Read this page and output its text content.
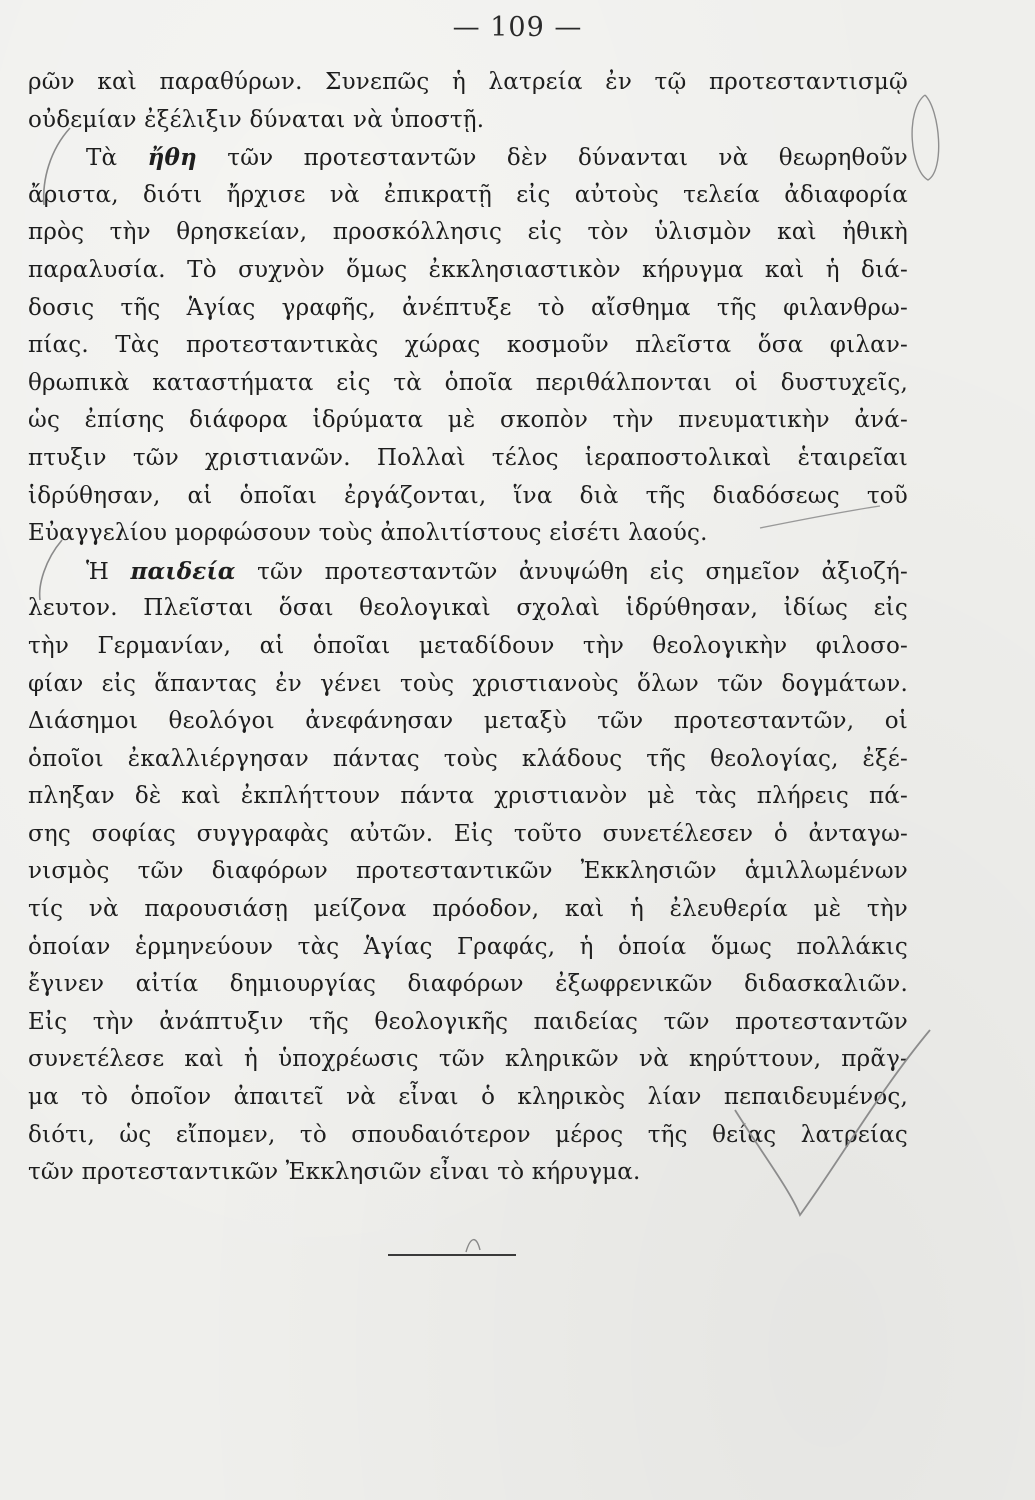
— 109 —
ρῶν καὶ παραθύρων. Συνεπῶς ἡ λατρεία ἐν τῷ προτεσταντισμῷ
οὐδεμίαν ἐξέλιξιν δύναται νὰ ὑποστῇ.
Τὰ ἤθη τῶν προτεσταντῶν δὲν δύνανται νὰ θεωρηθοῦν
ἄριστα, διότι ἤρχισε νὰ ἐπικρατῇ εἰς αὐτοὺς τελεία ἀδιαφορία
πρὸς τὴν θρησκείαν, προσκόλλησις εἰς τὸν ὑλισμὸν καὶ ἠθικὴ
παραλυσία. Τὸ συχνὸν ὅμως ἐκκλησιαστικὸν κήρυγμα καὶ ἡ διά-
δοσις τῆς Ἁγίας γραφῆς, ἀνέπτυξε τὸ αἴσθημα τῆς φιλανθρω-
πίας. Τὰς προτεσταντικὰς χώρας κοσμοῦν πλεῖστα ὅσα φιλαν-
θρωπικὰ καταστήματα εἰς τὰ ὁποῖα περιθάλπονται οἱ δυστυχεῖς,
ὡς ἐπίσης διάφορα ἱδρύματα μὲ σκοπὸν τὴν πνευματικὴν ἀνά-
πτυξιν τῶν χριστιανῶν. Πολλαὶ τέλος ἱεραποστολικαὶ ἑταιρεῖαι
ἱδρύθησαν, αἱ ὁποῖαι ἐργάζονται, ἵνα διὰ τῆς διαδόσεως τοῦ
Εὐαγγελίου μορφώσουν τοὺς ἀπολιτίστους εἰσέτι λαούς.
Ἡ παιδεία τῶν προτεσταντῶν ἀνυψώθη εἰς σημεῖον ἀξιοζή-
λευτον. Πλεῖσται ὅσαι θεολογικαὶ σχολαὶ ἱδρύθησαν, ἰδίως εἰς
τὴν Γερμανίαν, αἱ ὁποῖαι μεταδίδουν τὴν θεολογικὴν φιλοσο-
φίαν εἰς ἅπαντας ἐν γένει τοὺς χριστιανοὺς ὅλων τῶν δογμάτων.
Διάσημοι θεολόγοι ἀνεφάνησαν μεταξὺ τῶν προτεσταντῶν, οἱ
ὁποῖοι ἐκαλλιέργησαν πάντας τοὺς κλάδους τῆς θεολογίας, ἐξέ-
πληξαν δὲ καὶ ἐκπλήττουν πάντα χριστιανὸν μὲ τὰς πλήρεις πά-
σης σοφίας συγγραφὰς αὐτῶν. Εἰς τοῦτο συνετέλεσεν ὁ ἀνταγω-
νισμὸς τῶν διαφόρων προτεσταντικῶν Ἐκκλησιῶν ἁμιλλωμένων
τίς νὰ παρουσιάσῃ μείζονα πρόοδον, καὶ ἡ ἐλευθερία μὲ τὴν
ὁποίαν ἑρμηνεύουν τὰς Ἁγίας Γραφάς, ἡ ὁποία ὅμως πολλάκις
ἔγινεν αἰτία δημιουργίας διαφόρων ἐξωφρενικῶν διδασκαλιῶν.
Εἰς τὴν ἀνάπτυξιν τῆς θεολογικῆς παιδείας τῶν προτεσταντῶν
συνετέλεσε καὶ ἡ ὑποχρέωσις τῶν κληρικῶν νὰ κηρύττουν, πρᾶγ-
μα τὸ ὁποῖον ἀπαιτεῖ νὰ εἶναι ὁ κληρικὸς λίαν πεπαιδευμένος,
διότι, ὡς εἴπομεν, τὸ σπουδαιότερον μέρος τῆς θείας λατρείας
τῶν προτεσταντικῶν Ἐκκλησιῶν εἶναι τὸ κήρυγμα.
